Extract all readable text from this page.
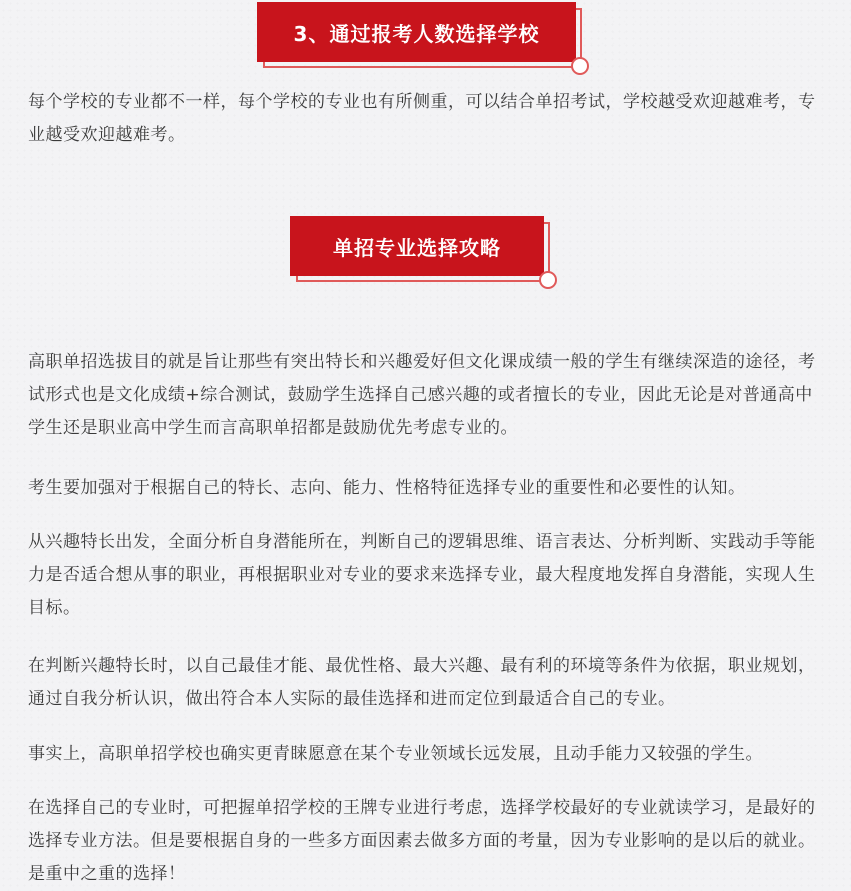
3、通过报考人数选择学校

每个学校的专业都不一样，每个学校的专业也有所侧重，可以结合单招考试，学校越受欢迎越难考，专业越受欢迎越难考。

单招专业选择攻略

高职单招选拔目的就是旨让那些有突出特长和兴趣爱好但文化课成绩一般的学生有继续深造的途径，考试形式也是文化成绩+综合测试，鼓励学生选择自己感兴趣的或者擅长的专业，因此无论是对普通高中学生还是职业高中学生而言高职单招都是鼓励优先考虑专业的。

考生要加强对于根据自己的特长、志向、能力、性格特征选择专业的重要性和必要性的认知。

从兴趣特长出发，全面分析自身潜能所在，判断自己的逻辑思维、语言表达、分析判断、实践动手等能力是否适合想从事的职业，再根据职业对专业的要求来选择专业，最大程度地发挥自身潜能，实现人生目标。

在判断兴趣特长时，以自己最佳才能、最优性格、最大兴趣、最有利的环境等条件为依据，职业规划，通过自我分析认识，做出符合本人实际的最佳选择和进而定位到最适合自己的专业。

事实上，高职单招学校也确实更青睐愿意在某个专业领域长远发展，且动手能力又较强的学生。

在选择自己的专业时，可把握单招学校的王牌专业进行考虑，选择学校最好的专业就读学习，是最好的选择专业方法。但是要根据自身的一些多方面因素去做多方面的考量，因为专业影响的是以后的就业。是重中之重的选择！
